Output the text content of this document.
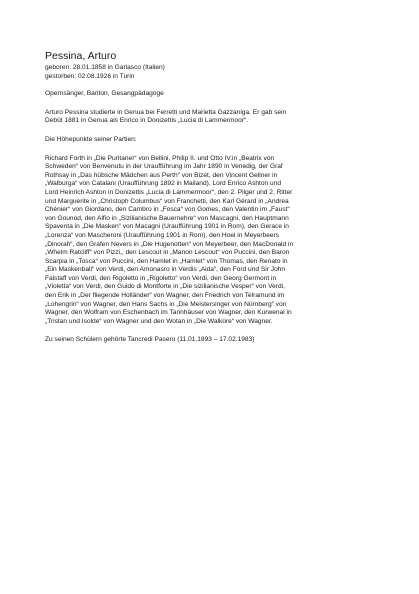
Pessina, Arturo
geboren: 28.01.1858 in Garlasco (Italien)
gestorben: 02.08.1926 in Turin

Opernsänger, Bariton, Gesangpädagoge

Arturo Pessina studierte in Genua bei Ferretti und Marietta Gazzaniga. Er gab sein
Debüt 1881 in Genua als Enrico in Donizettis „Lucia di Lammermoor“.

Die Höhepunkte seiner Partien:

Richard Forth in „Die Puritaner“ von Bellini, Philip II. und Otto IV.in „Beatrix von
Schweden“ von Benvenutu in der Uraufführung im Jahr 1890 in Venedig, der Graf
Rothsay in „Das hübsche Mädchen aus Perth“ von Bizet, den Vincent Gellner in
„Walburga“ von Catalani (Uraufführung 1892 in Mailand), Lord Enrico Ashton und
Lord Heinrich Ashton in Donizettis „Lucia di Lammermoor“, den 2. Pilger und 2. Ritter
und Marguerite in „Christoph Columbus“ von Franchetti, den Karl Gérard in „Andrea
Chénier“ von Giordano, den Cambro in „Fosca“ von Gomes, den Valentin im „Faust“
von Gounod, den Alfio in „Sizilianische Bauernehre“ von Mascagni, den Hauptmann
Spaventa in „Die Masken“ von Macagni (Uraufführung 1901 in Rom), den Gerace in
„Lorenza“ von Mascheroni (Uraufführung 1901 in Rom), den Hoel in Meyerbeers
„Dinorah“, den Grafen Nevers in „Die Hugenotten“ von Meyerbeer, den MacDonald in
„Whelm Ratcliff“ von Pizzi,, den Lescout in „Manon Lescout“ von Puccini, den Baron
Scarpia in „Tosca“ von Puccini, den Hamlet in „Hamlet“ von Thomas, den Renato in
„Ein Maskenball“ von Verdi, den Amonasro in Verdis „Aida“, den Ford und Sir John
Falstaff von Verdi, den Rigoletto in „Rigoletto“ von Verdi, den Georg Germont in
„Violetta“ von Verdi, den Guido di Montforte in „Die sizilianische Vesper“ von Verdi,
den Erik in „Der fliegende Holländer“ von Wagner, den Friedrich von Telramund im
„Lohengrin“ von Wagner, den Hans Sachs in „Die Meistersinger von Nürnberg“ von
Wagner, den Wolfram von Eschenbach im Tannhäuser von Wagner, den Kurwenal in
„Tristan und Isolde“ von Wagner und den Wotan in „Die Walküre“ von Wagner.

Zu seinen Schülern gehörte Tancredi Pasero (11.01.1893 – 17.02.1983)
